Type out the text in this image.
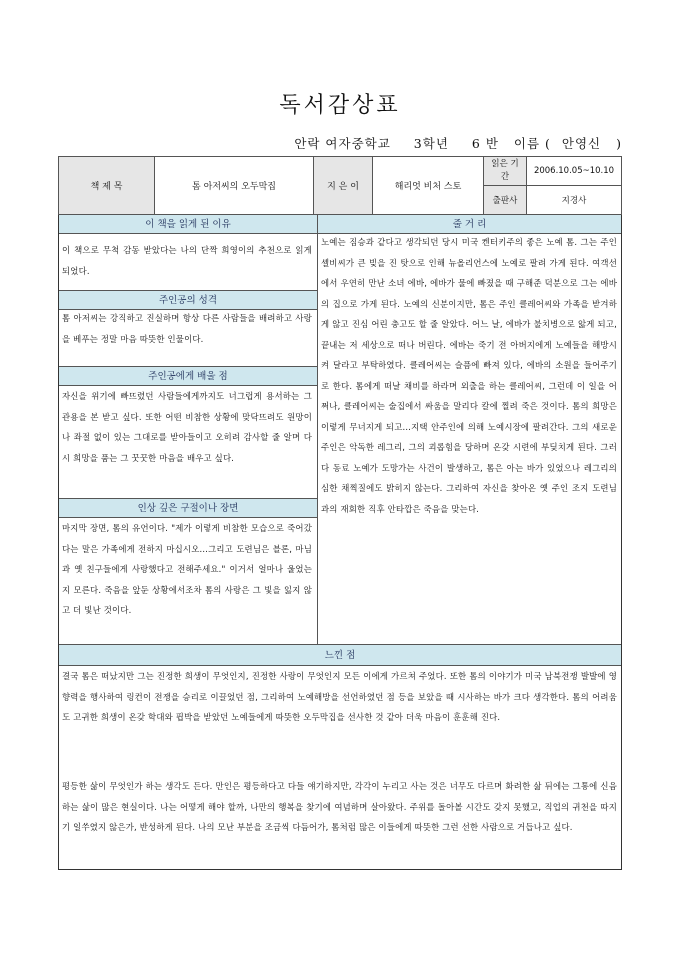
독서감상표
안락 여자중학교 3학년 6 반 이름 ( 안영신 )
책 제 목	톰 아저씨의 오두막집	지 은 이	해리엇 비처 스토	읽은 기간	2006.10.05~10.10
				출판사	지경사
이 책을 읽게 된 이유
이 책으로 무척 감동 받았다는 나의 단짝 희영이의 추천으로 읽게 되었다.
주인공의 성격
톰 아저씨는 강직하고 진실하며 항상 다른 사람들을 배려하고 사랑을 베푸는 정말 마음 따뜻한 인물이다.
주인공에게 배울 점
자신을 위기에 빠뜨렸던 사람들에게까지도 너그럽게 용서하는 그 관용을 본 받고 싶다. 또한 어떤 비참한 상황에 맞닥뜨려도 원망이나 좌절 없이 있는 그대로를 받아들이고 오히려 감사할 줄 알며 다시 희망을 품는 그 꿋꿋한 마음을 배우고 싶다.
인상 깊은 구절이나 장면
마지막 장면, 톰의 유언이다. "제가 이렇게 비참한 모습으로 죽어갔다는 말은 가족에게 전하지 마십시오...그리고 도련님은 블론, 마님과 옛 친구들에게 사랑했다고 전해주세요." 이거서 얼마나 울었는지 모른다. 죽음을 앞둔 상황에서조차 톰의 사랑은 그 빛을 잃지 않고 더 빛난 것이다.
줄 거 리
노예는 짐승과 같다고 생각되던 당시 미국 켄터키주의 좋은 노예 톰. 그는 주인 셸비씨가 큰 빚을 진 탓으로 인해 뉴올리언스에 노예로 팔려 가게 된다. 여객선에서 우연히 만난 소녀 에바, 에바가 물에 빠졌을 때 구해준 덕분으로 그는 에바의 집으로 가게 된다. 노예의 신분이지만, 톰은 주인 클레어씨와 가족을 받겨하게 않고 진심 어린 충고도 할 줄 알았다. 어느 날, 에바가 불치병으로 앓게 되고, 끝내는 저 세상으로 떠나 버린다. 에바는 죽기 전 아버지에게 노예들을 해방시켜 달라고 부탁하였다. 클레어씨는 슬픔에 빠져 있다, 에바의 소원을 들어주기로 한다. 톰에게 떠날 채비를 하라며 외출을 하는 클레어씨, 그런데 이 일을 어쩌나, 클레어씨는 술집에서 싸움을 말리다 칼에 찔려 죽은 것이다. 톰의 희망은 이렇게 무너지게 되고...지택 안주인에 의해 노예시장에 팔려간다. 그의 새로운 주인은 악독한 레그리, 그의 괴롭힘을 당하며 온갖 시련에 부딪치게 된다. 그러다 동료 노예가 도망가는 사건이 발생하고, 톰은 아는 바가 있었으나 레그리의 심한 채찍질에도 밝히지 않는다. 그리하여 자신을 찾아온 옛 주인 조지 도련님과의 재회한 직후 안타깝은 죽음을 맞는다.
느낀 점
결국 톰은 떠났지만 그는 진정한 희생이 무엇인지, 진정한 사랑이 무엇인지 모든 이에게 가르쳐 주었다. 또한 톰의 이야기가 미국 남북전쟁 발발에 영향력을 행사하여 링컨이 전쟁을 승리로 이끌었던 점, 그리하여 노예해방을 선언하였던 점 등을 보았을 때 시사하는 바가 크다 생각한다. 톰의 어려움도 고귀한 희생이 온갖 학대와 핍박을 받았던 노예들에게 따뜻한 오두막집을 선사한 것 같아 더욱 마음이 훈훈해 진다.
평등한 삶이 무엇인가 하는 생각도 든다. 만인은 평등하다고 다들 얘기하지만, 각각이 누리고 사는 것은 너무도 다르며 화려한 삶 뒤에는 그통에 신음하는 삶이 많은 현실이다. 나는 어떻게 해야 할까, 나만의 행복을 찾기에 여념하며 살아왔다. 주위를 돌아볼 시간도 갖지 못했고, 직업의 귀천을 따지기 일쑤였지 않은가, 반성하게 된다. 나의 모난 부분을 조금씩 다듬어가, 톰처럼 많은 이들에게 따뜻한 그런 선한 사람으로 거듭나고 싶다.
